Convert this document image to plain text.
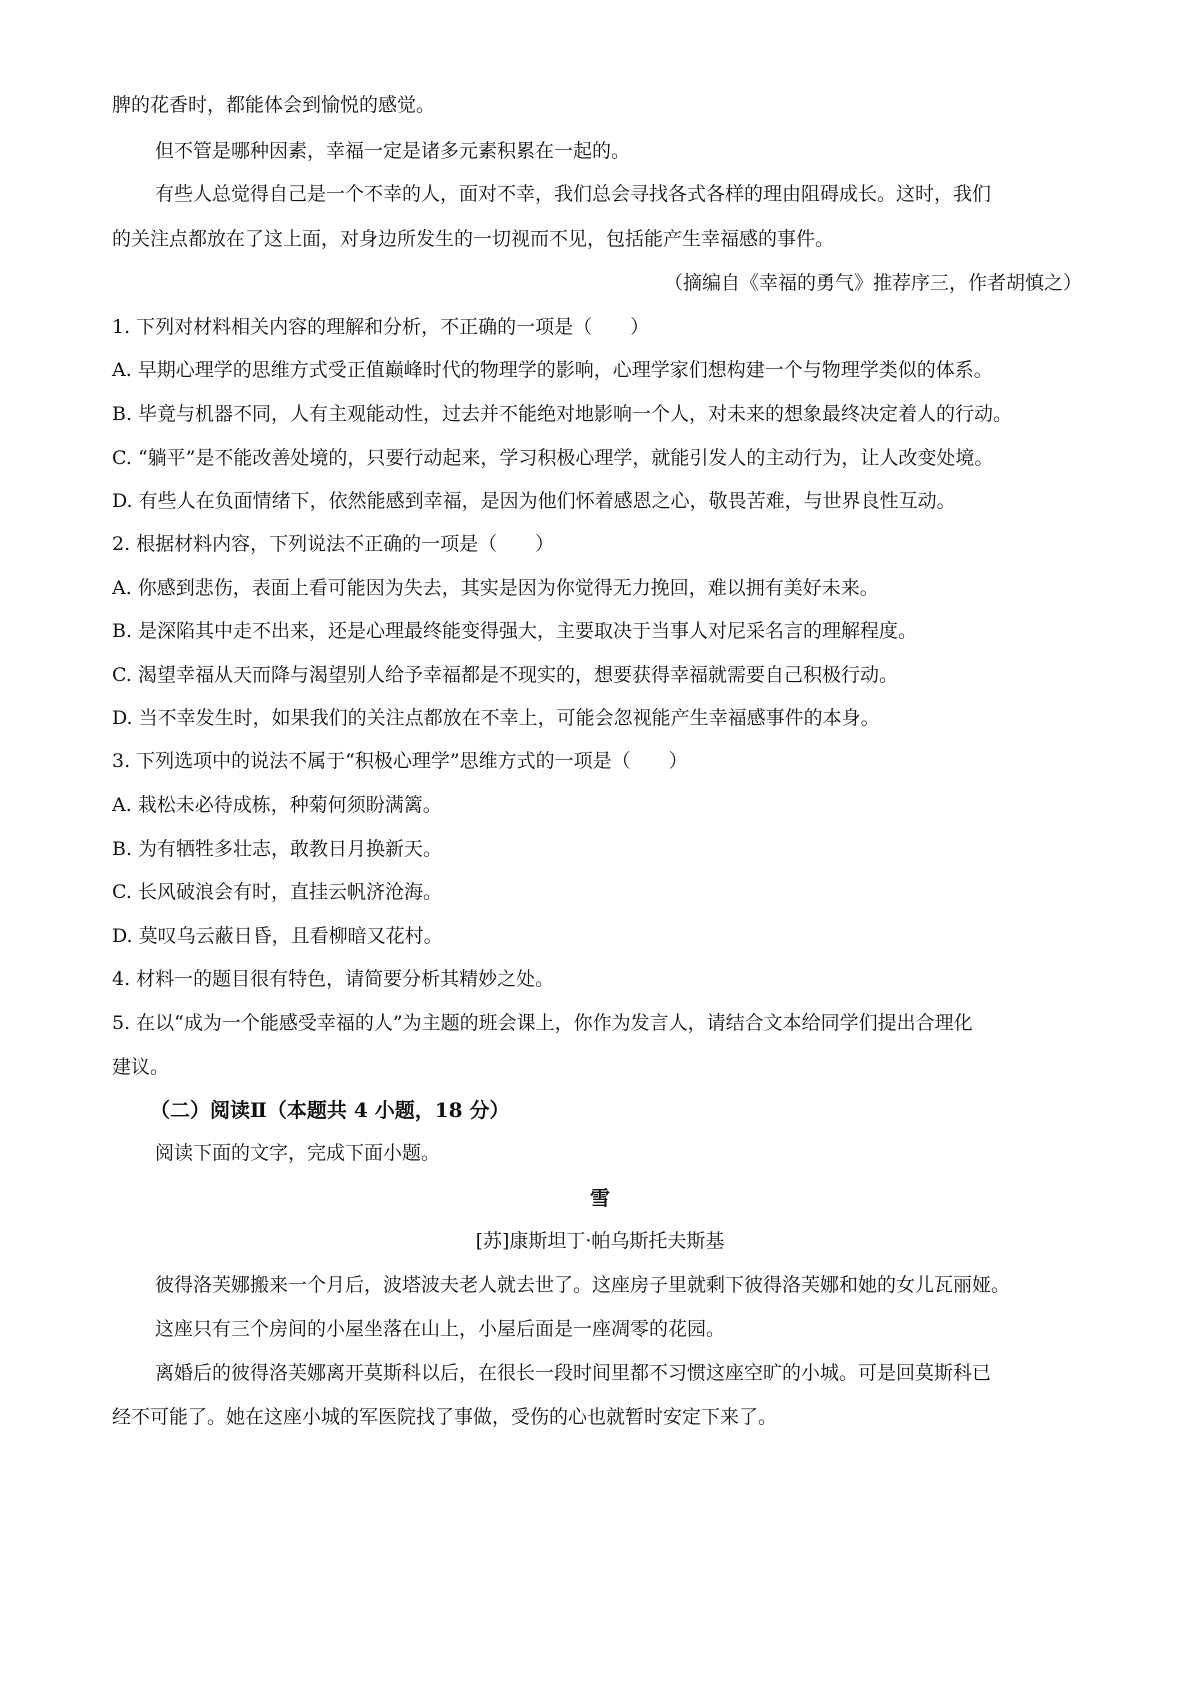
脾的花香时，都能体会到愉悦的感觉。
但不管是哪种因素，幸福一定是诸多元素积累在一起的。
有些人总觉得自己是一个不幸的人，面对不幸，我们总会寻找各式各样的理由阻碍成长。这时，我们
的关注点都放在了这上面，对身边所发生的一切视而不见，包括能产生幸福感的事件。
（摘编自《幸福的勇气》推荐序三，作者胡慎之）
1. 下列对材料相关内容的理解和分析，不正确的一项是（　　）
A. 早期心理学的思维方式受正值巅峰时代的物理学的影响，心理学家们想构建一个与物理学类似的体系。
B. 毕竟与机器不同，人有主观能动性，过去并不能绝对地影响一个人，对未来的想象最终决定着人的行动。
C. “躺平”是不能改善处境的，只要行动起来，学习积极心理学，就能引发人的主动行为，让人改变处境。
D. 有些人在负面情绪下，依然能感到幸福，是因为他们怀着感恩之心，敬畏苦难，与世界良性互动。
2. 根据材料内容，下列说法不正确的一项是（　　）
A. 你感到悲伤，表面上看可能因为失去，其实是因为你觉得无力挽回，难以拥有美好未来。
B. 是深陷其中走不出来，还是心理最终能变得强大，主要取决于当事人对尼采名言的理解程度。
C. 渴望幸福从天而降与渴望别人给予幸福都是不现实的，想要获得幸福就需要自己积极行动。
D. 当不幸发生时，如果我们的关注点都放在不幸上，可能会忽视能产生幸福感事件的本身。
3. 下列选项中的说法不属于“积极心理学”思维方式的一项是（　　）
A. 栽松未必待成栋，种菊何须盼满篱。
B. 为有牺牲多壮志，敢教日月换新天。
C. 长风破浪会有时，直挂云帆济沧海。
D. 莫叹乌云蔽日昏，且看柳暗又花村。
4. 材料一的题目很有特色，请简要分析其精妙之处。
5. 在以“成为一个能感受幸福的人”为主题的班会课上，你作为发言人，请结合文本给同学们提出合理化
建议。
（二）阅读Ⅱ（本题共 4 小题，18 分）
阅读下面的文字，完成下面小题。
雪
[苏]康斯坦丁·帕乌斯托夫斯基
彼得洛芙娜搬来一个月后，波塔波夫老人就去世了。这座房子里就剩下彼得洛芙娜和她的女儿瓦丽娅。
这座只有三个房间的小屋坐落在山上，小屋后面是一座凋零的花园。
离婚后的彼得洛芙娜离开莫斯科以后，在很长一段时间里都不习惯这座空旷的小城。可是回莫斯科已
经不可能了。她在这座小城的军医院找了事做，受伤的心也就暂时安定下来了。
